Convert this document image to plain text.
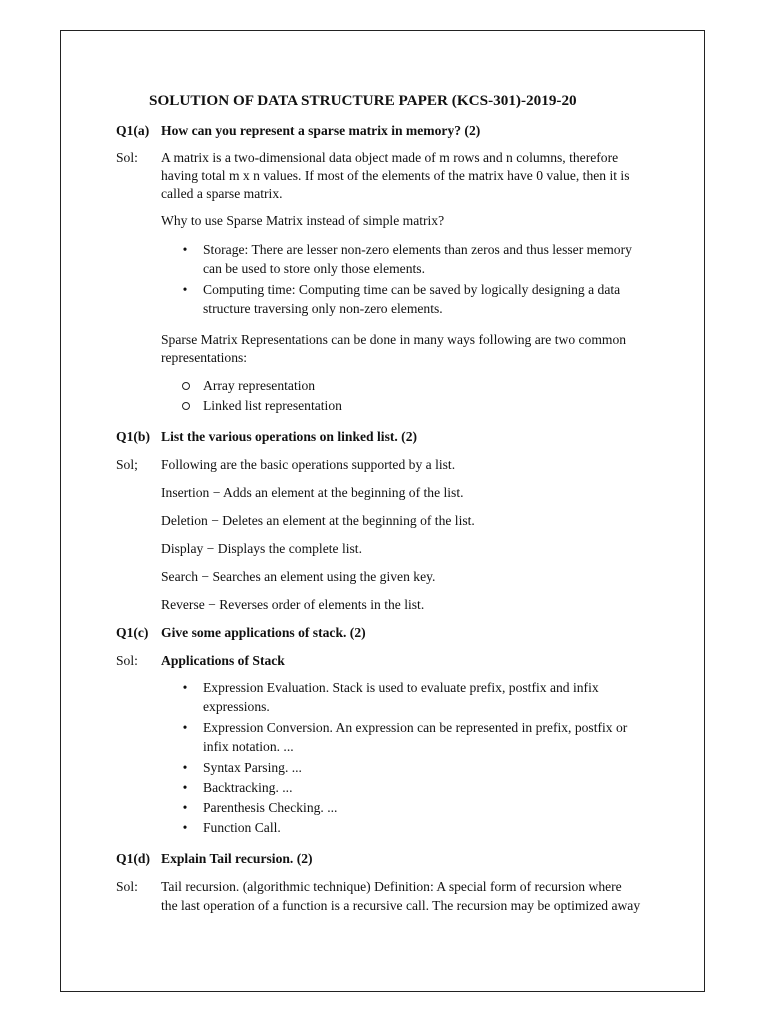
SOLUTION OF DATA STRUCTURE PAPER (KCS-301)-2019-20
Q1(a) How can you represent a sparse matrix in memory? (2)
Sol: A matrix is a two-dimensional data object made of m rows and n columns, therefore
having total m x n values. If most of the elements of the matrix have 0 value, then it is
called a sparse matrix.
Why to use Sparse Matrix instead of simple matrix?
• Storage: There are lesser non-zero elements than zeros and thus lesser memory
can be used to store only those elements.
• Computing time: Computing time can be saved by logically designing a data
structure traversing only non-zero elements.
Sparse Matrix Representations can be done in many ways following are two common
representations:
Array representation
Linked list representation
Q1(b) List the various operations on linked list. (2)
Sol; Following are the basic operations supported by a list.
Insertion − Adds an element at the beginning of the list.
Deletion − Deletes an element at the beginning of the list.
Display − Displays the complete list.
Search − Searches an element using the given key.
Reverse − Reverses order of elements in the list.
Q1(c) Give some applications of stack. (2)
Sol: Applications of Stack
• Expression Evaluation. Stack is used to evaluate prefix, postfix and infix
expressions.
• Expression Conversion. An expression can be represented in prefix, postfix or
infix notation. ...
• Syntax Parsing. ...
• Backtracking. ...
• Parenthesis Checking. ...
• Function Call.
Q1(d) Explain Tail recursion. (2)
Sol: Tail recursion. (algorithmic technique) Definition: A special form of recursion where
the last operation of a function is a recursive call. The recursion may be optimized away
